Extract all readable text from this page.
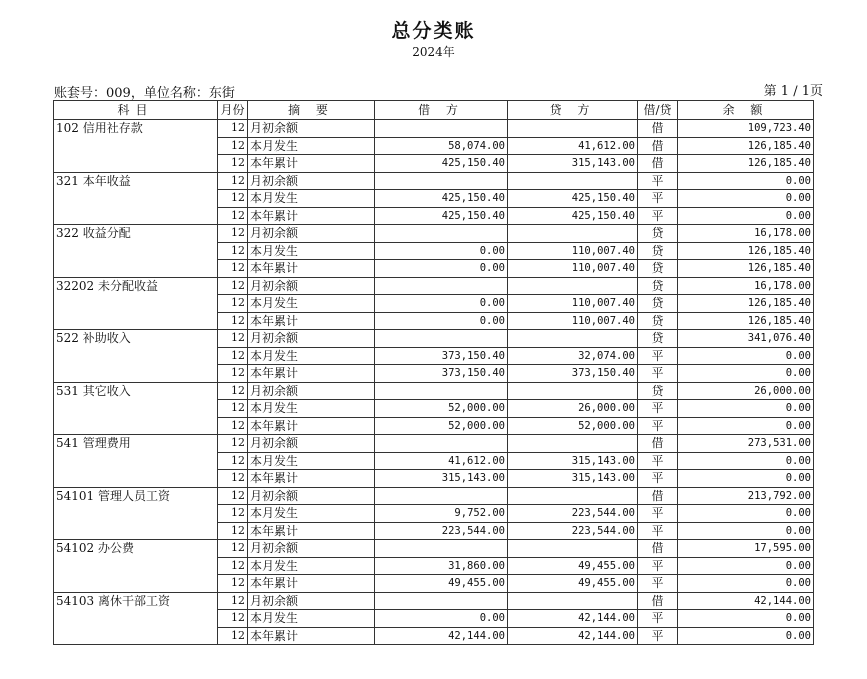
总分类账
2024年
账套号：009，单位名称：东街	第 1 / 1页
科目	月份	摘 要	借 方	贷 方	借/贷	余 额
102 信用社存款	12	月初余额			借	109,723.40
	12	本月发生	58,074.00	41,612.00	借	126,185.40
	12	本年累计	425,150.40	315,143.00	借	126,185.40
321 本年收益	12	月初余额			平	0.00
	12	本月发生	425,150.40	425,150.40	平	0.00
	12	本年累计	425,150.40	425,150.40	平	0.00
322 收益分配	12	月初余额			贷	16,178.00
	12	本月发生	0.00	110,007.40	贷	126,185.40
	12	本年累计	0.00	110,007.40	贷	126,185.40
32202 未分配收益	12	月初余额			贷	16,178.00
	12	本月发生	0.00	110,007.40	贷	126,185.40
	12	本年累计	0.00	110,007.40	贷	126,185.40
522 补助收入	12	月初余额			贷	341,076.40
	12	本月发生	373,150.40	32,074.00	平	0.00
	12	本年累计	373,150.40	373,150.40	平	0.00
531 其它收入	12	月初余额			贷	26,000.00
	12	本月发生	52,000.00	26,000.00	平	0.00
	12	本年累计	52,000.00	52,000.00	平	0.00
541 管理费用	12	月初余额			借	273,531.00
	12	本月发生	41,612.00	315,143.00	平	0.00
	12	本年累计	315,143.00	315,143.00	平	0.00
54101 管理人员工资	12	月初余额			借	213,792.00
	12	本月发生	9,752.00	223,544.00	平	0.00
	12	本年累计	223,544.00	223,544.00	平	0.00
54102 办公费	12	月初余额			借	17,595.00
	12	本月发生	31,860.00	49,455.00	平	0.00
	12	本年累计	49,455.00	49,455.00	平	0.00
54103 离休干部工资	12	月初余额			借	42,144.00
	12	本月发生	0.00	42,144.00	平	0.00
	12	本年累计	42,144.00	42,144.00	平	0.00
